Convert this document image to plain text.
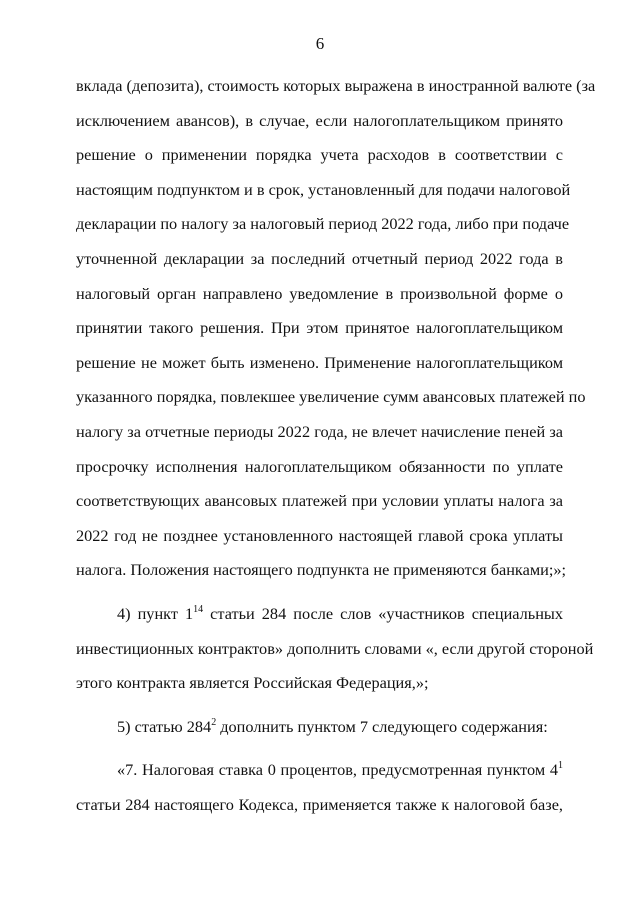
6
вклада (депозита), стоимость которых выражена в иностранной валюте (за
исключением авансов), в случае, если налогоплательщиком принято
решение о применении порядка учета расходов в соответствии с
настоящим подпунктом и в срок, установленный для подачи налоговой
декларации по налогу за налоговый период 2022 года, либо при подаче
уточненной декларации за последний отчетный период 2022 года в
налоговый орган направлено уведомление в произвольной форме о
принятии такого решения. При этом принятое налогоплательщиком
решение не может быть изменено. Применение налогоплательщиком
указанного порядка, повлекшее увеличение сумм авансовых платежей по
налогу за отчетные периоды 2022 года, не влечет начисление пеней за
просрочку исполнения налогоплательщиком обязанности по уплате
соответствующих авансовых платежей при условии уплаты налога за
2022 год не позднее установленного настоящей главой срока уплаты
налога. Положения настоящего подпункта не применяются банками;»;
4) пункт $1^{14}$ статьи 284 после слов «участников специальных
инвестиционных контрактов» дополнить словами «, если другой стороной
этого контракта является Российская Федерация,»;
5) статью $284^2$ дополнить пунктом 7 следующего содержания:
«7. Налоговая ставка 0 процентов, предусмотренная пунктом $4^1$
статьи 284 настоящего Кодекса, применяется также к налоговой базе,
